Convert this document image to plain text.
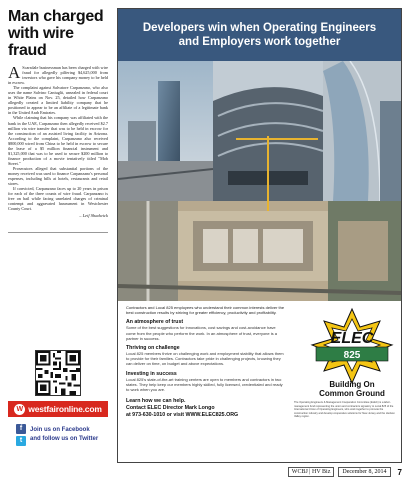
Man charged
with wire fraud

A Scarsdale businessman has been charged with wire fraud for allegedly pilfering $4,625,000 from investors who gave his company money to be held in escrow.

The complaint against Salvatore Carpanzano, who also uses the name Salvino Caniuglii, unsealed in federal court in White Plains on Nov. 25, detailed how Carpanzano allegedly created a limited liability company that he positioned to appear to be an affiliate of a legitimate bank in the United Arab Emirates.

While claiming that his company was affiliated with the bank in the UAE, Carpanzano then allegedly received $2.7 million via wire transfer that was to be held in escrow for the construction of an assisted living facility in Arizona. According to the complaint, Carpanzano also received $800,000 wired from China to be held in escrow to secure the lease of a $5 million financial instrument and $1,325,000 that was to be used to secure $200 million to finance production of a movie tentatively titled "Mob Street."

Prosecutors alleged that substantial portions of the money received was used to finance Carpanzano's personal expenses, including bills at hotels, restaurants and retail stores.

If convicted, Carpanzano faces up to 20 years in prison for each of the three counts of wire fraud. Carpanzano is free on bail while facing unrelated charges of criminal contempt and aggravated harassment in Westchester County Court.

– Leif Shadwick
W westfaironline.com
f
t
Join us on Facebook
and follow us on Twitter
Developers win when Operating Engineers
and Employers work together

Contractors and Local 825 employees who understand their common interests deliver the best construction results by striving for greater efficiency, productivity and profitability.

An atmosphere of trust

Some of the best suggestions for innovations, cost savings and cost-avoidance have come from the people who perform the work. In an atmosphere of trust, everyone is a partner in success.

Thriving on challenge

Local 825 members thrive on challenging work and employment stability that allows them to provide for their families. Contractors take pride in challenging projects, knowing they can deliver on time, on budget and above expectations.

Investing in success

Local 825's state-of-the-art training centers are open to members and contractors in two states. They help keep our members highly skilled, fully licensed, credentialed and ready to work when you are.

Learn how we can help.
Contact ELEC Director Mark Longo
at 973-630-1010 or visit WWW.ELEC825.ORG
ELEC
825
Building On
Common Ground
The Operating Engineers & Management Cooperation Committee (ELEC) is a labor-management fund representing the union and contractors signatory to Local 825 of the International Union of Operating Engineers, who work together to promote the construction industry and develop cooperative solutions for New Jersey and the Hudson Valley region.
WCBJ | HV Biz	December 8, 2014	7
